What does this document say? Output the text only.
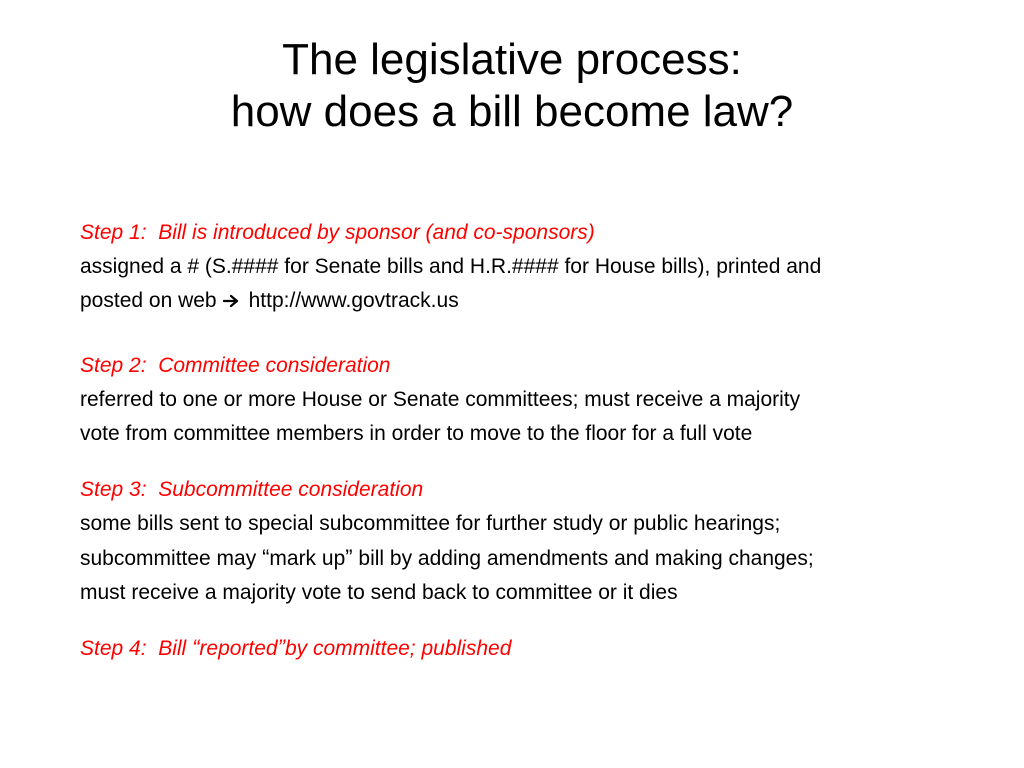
The legislative process:
how does a bill become law?
Step 1:  Bill is introduced by sponsor (and co-sponsors)
assigned a # (S.#### for Senate bills and H.R.#### for House bills), printed and
posted on web http://www.govtrack.us
Step 2:  Committee consideration
referred to one or more House or Senate committees; must receive a majority
vote from committee members in order to move to the floor for a full vote
Step 3:  Subcommittee consideration
some bills sent to special subcommittee for further study or public hearings;
subcommittee may “mark up” bill by adding amendments and making changes;
must receive a majority vote to send back to committee or it dies
Step 4:  Bill “reported”by committee; published
